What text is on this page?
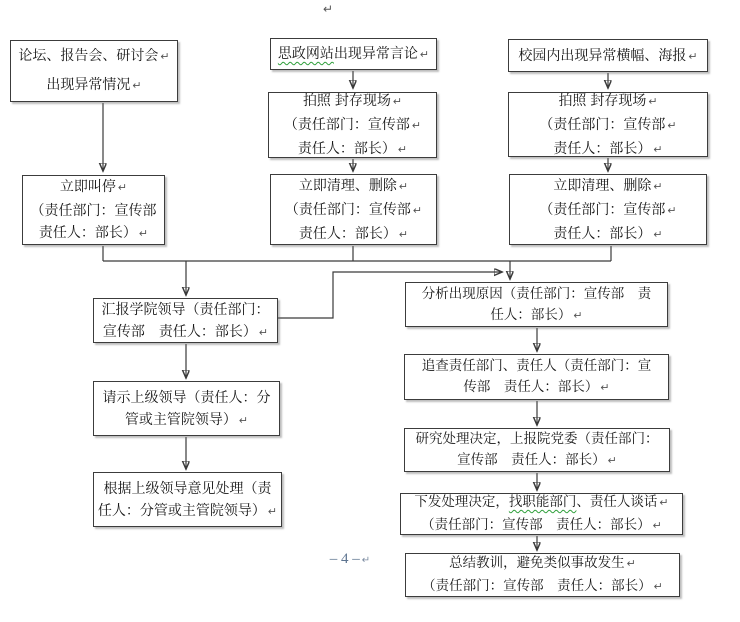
↵
论坛、报告会、研讨会 ↵
出现异常情况 ↵
思政网站出现异常言论 ↵	校园内出现异常横幅、海报 ↵
拍照 封存现场 ↵
（责任部门：宣传部 ↵
责任人：部长） ↵
拍照 封存现场 ↵
（责任部门：宣传部 ↵
责任人：部长） ↵
立即叫停 ↵
（责任部门：宣传部
责任人：部长） ↵
立即清理、删除 ↵
（责任部门：宣传部 ↵
责任人：部长） ↵
立即清理、删除 ↵
（责任部门：宣传部 ↵
责任人：部长） ↵
汇报学院领导（责任部门：
宣传部　责任人：部长） ↵
请示上级领导（责任人：分
管或主管院领导） ↵
根据上级领导意见处理（责
任人：分管或主管院领导） ↵
分析出现原因（责任部门：宣传部　责
任人：部长） ↵
追查责任部门、责任人（责任部门：宣
传部　责任人：部长） ↵
研究处理决定，上报院党委（责任部门：
宣传部　责任人：部长） ↵
下发处理决定，找职能部门、责任人谈话 ↵
（责任部门：宣传部　责任人：部长） ↵
总结教训，避免类似事故发生 ↵
（责任部门：宣传部　责任人：部长） ↵
– 4 – ↵
